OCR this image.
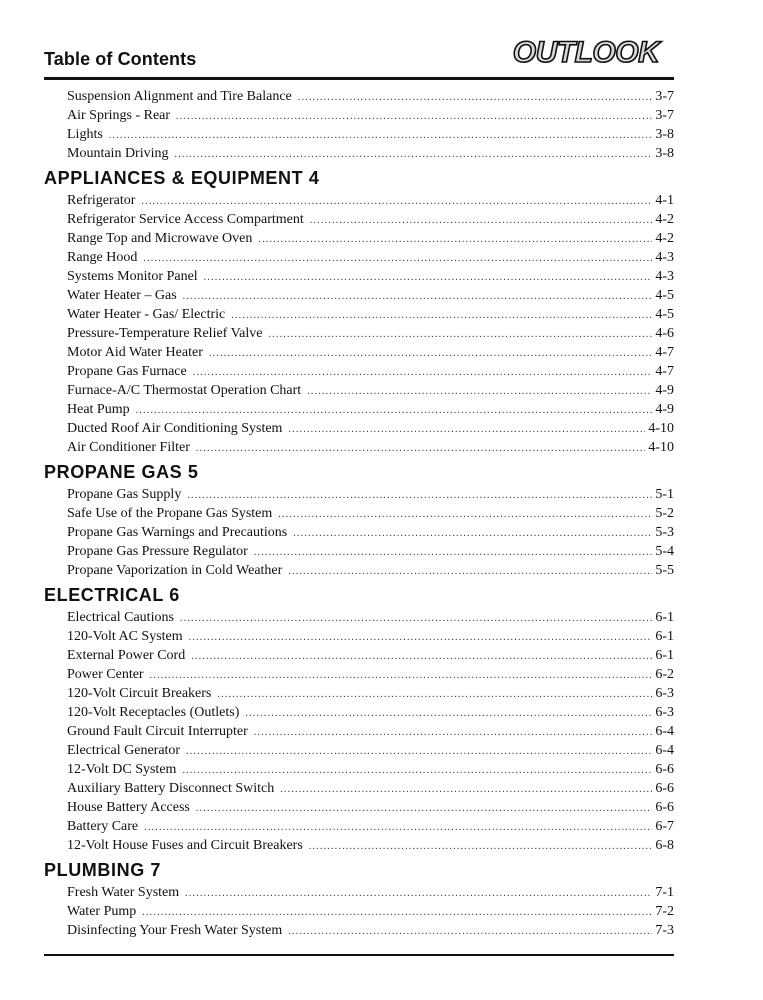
Table of Contents	OUTLOOK
Suspension Alignment and Tire Balance .....	3-7
Air Springs - Rear .....	3-7
Lights .....	3-8
Mountain Driving .....	3-8
APPLIANCES & EQUIPMENT 4
Refrigerator .....	4-1
Refrigerator Service Access Compartment .....	4-2
Range Top and Microwave Oven .....	4-2
Range Hood .....	4-3
Systems Monitor Panel .....	4-3
Water Heater – Gas .....	4-5
Water Heater - Gas/ Electric .....	4-5
Pressure-Temperature Relief Valve .....	4-6
Motor Aid Water Heater .....	4-7
Propane Gas Furnace .....	4-7
Furnace-A/C Thermostat Operation Chart .....	4-9
Heat Pump .....	4-9
Ducted Roof Air Conditioning System .....	4-10
Air Conditioner Filter .....	4-10
PROPANE GAS 5
Propane Gas Supply .....	5-1
Safe Use of the Propane Gas System .....	5-2
Propane Gas Warnings and Precautions .....	5-3
Propane Gas Pressure Regulator .....	5-4
Propane Vaporization in Cold Weather .....	5-5
ELECTRICAL 6
Electrical Cautions .....	6-1
120-Volt AC System .....	6-1
External Power Cord .....	6-1
Power Center .....	6-2
120-Volt Circuit Breakers .....	6-3
120-Volt Receptacles (Outlets) .....	6-3
Ground Fault Circuit Interrupter .....	6-4
Electrical Generator .....	6-4
12-Volt DC System .....	6-6
Auxiliary Battery Disconnect Switch .....	6-6
House Battery Access .....	6-6
Battery Care .....	6-7
12-Volt House Fuses and Circuit Breakers .....	6-8
PLUMBING 7
Fresh Water System .....	7-1
Water Pump .....	7-2
Disinfecting Your Fresh Water System .....	7-3
